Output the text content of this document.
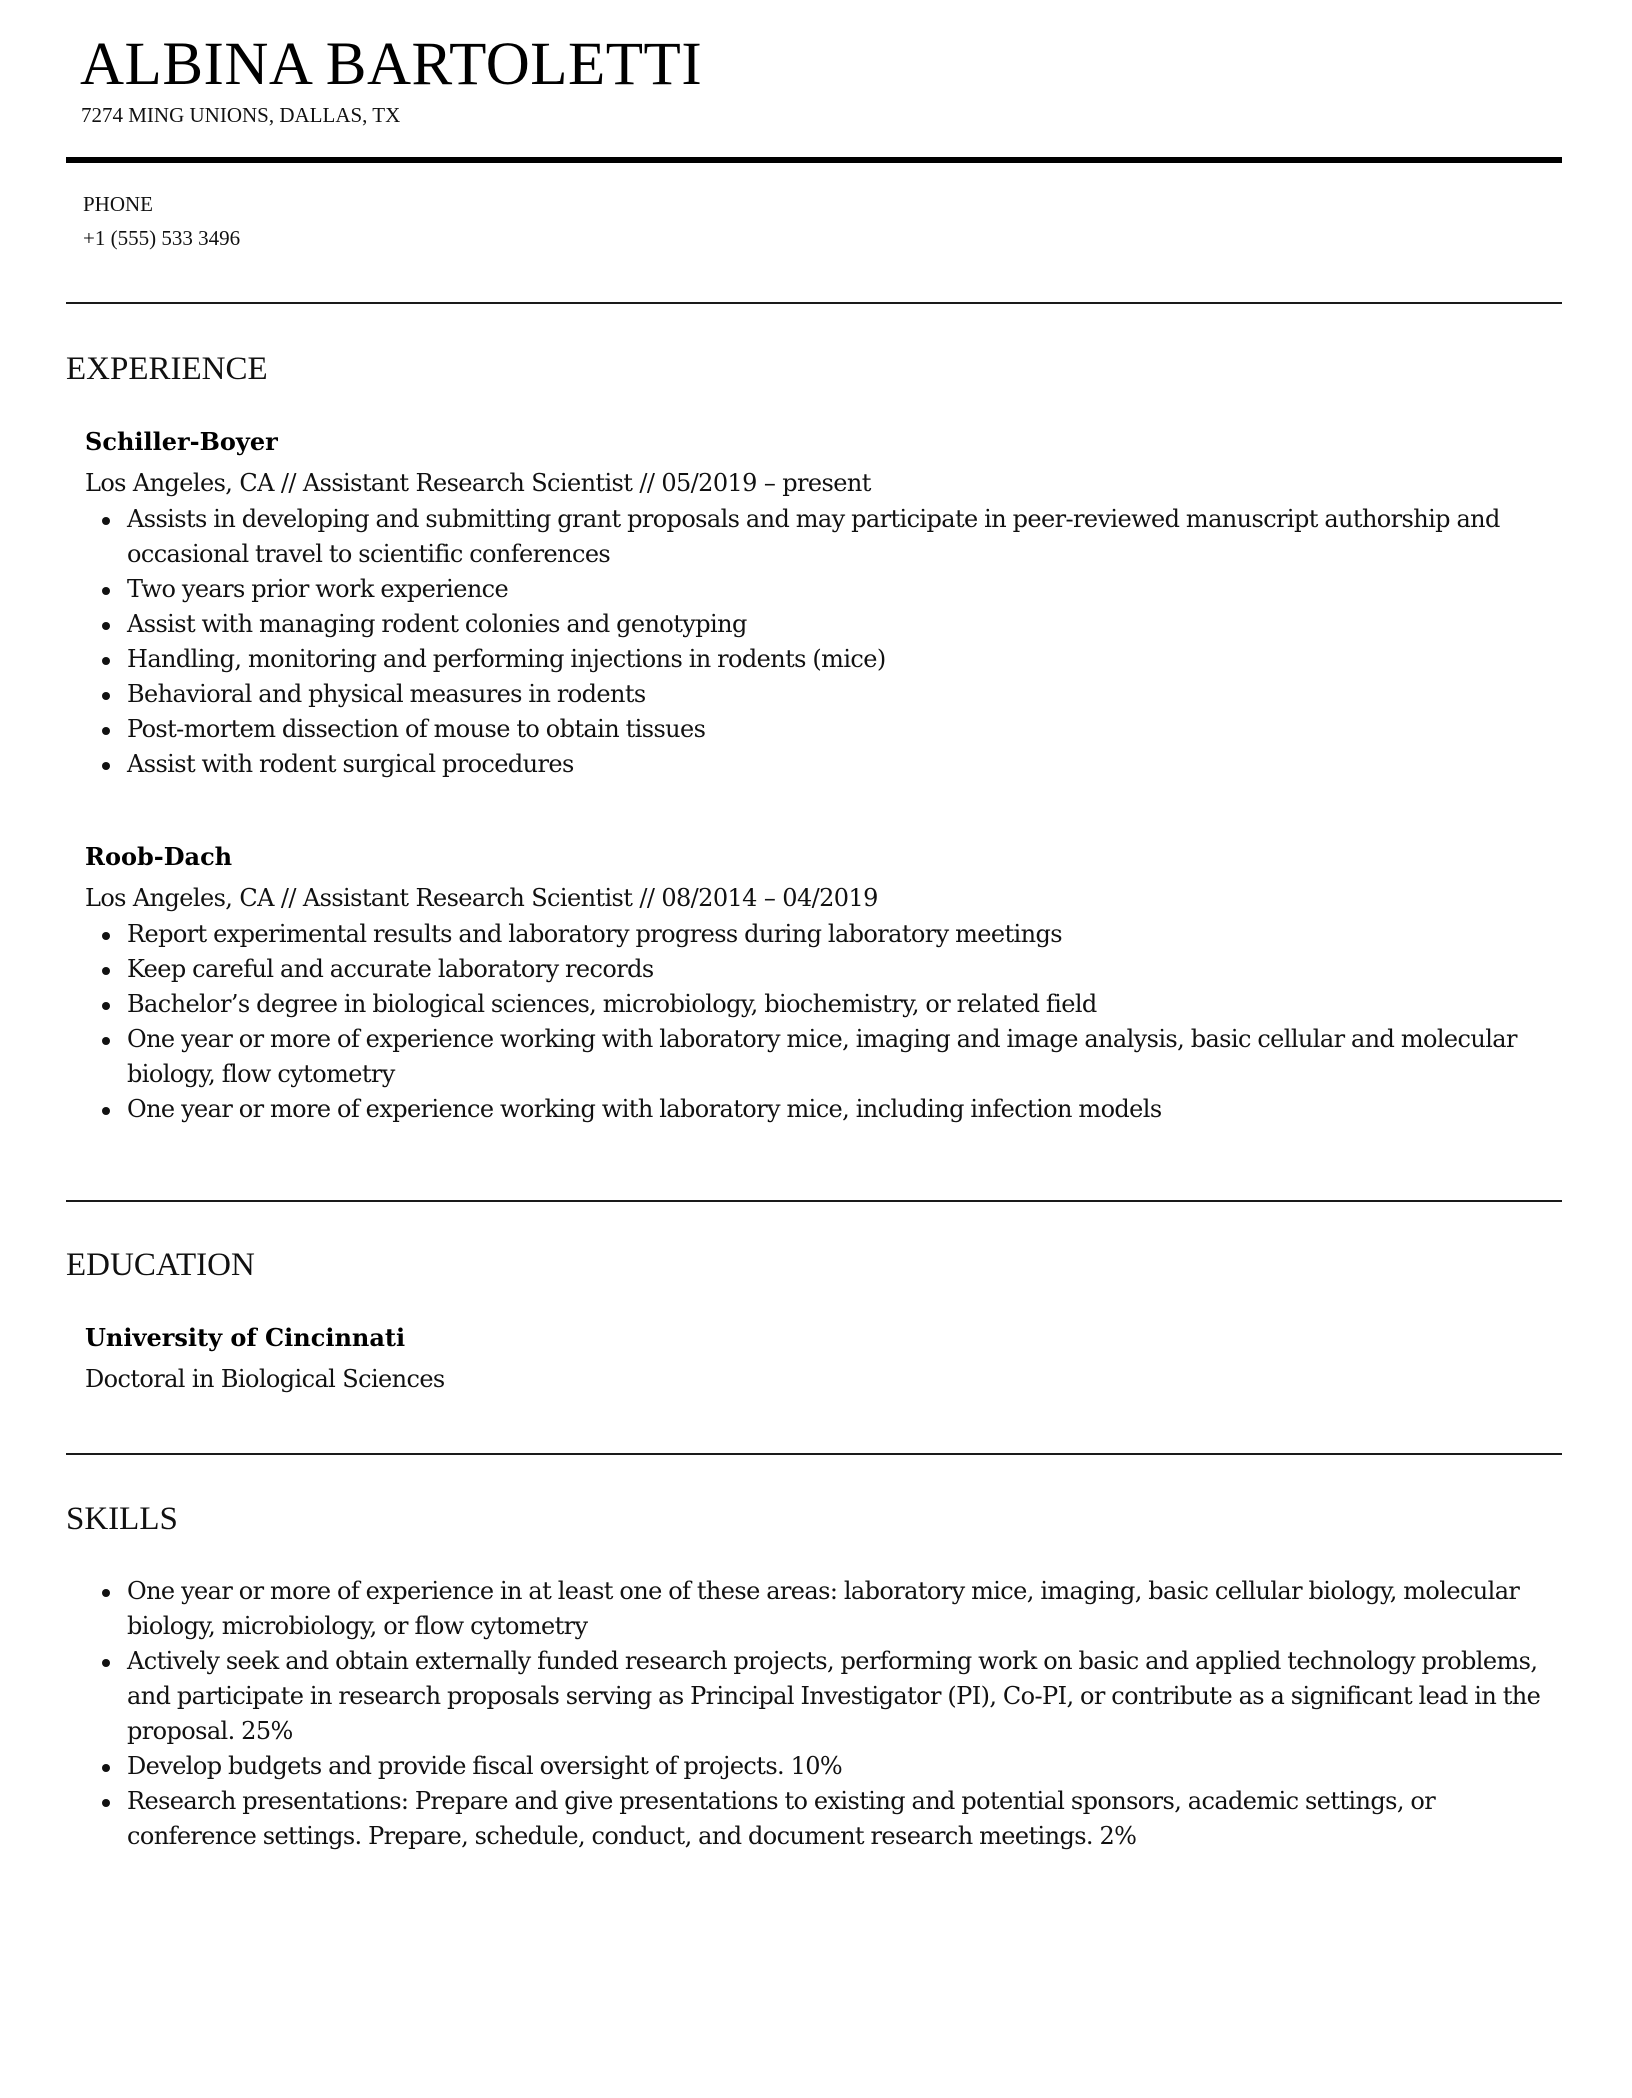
ALBINA BARTOLETTI
7274 MING UNIONS, DALLAS, TX
PHONE
+1 (555) 533 3496
EXPERIENCE
Schiller-Boyer
Los Angeles, CA // Assistant Research Scientist // 05/2019 – present
Assists in developing and submitting grant proposals and may participate in peer-reviewed manuscript authorship and occasional travel to scientific conferences
Two years prior work experience
Assist with managing rodent colonies and genotyping
Handling, monitoring and performing injections in rodents (mice)
Behavioral and physical measures in rodents
Post-mortem dissection of mouse to obtain tissues
Assist with rodent surgical procedures
Roob-Dach
Los Angeles, CA // Assistant Research Scientist // 08/2014 – 04/2019
Report experimental results and laboratory progress during laboratory meetings
Keep careful and accurate laboratory records
Bachelor’s degree in biological sciences, microbiology, biochemistry, or related field
One year or more of experience working with laboratory mice, imaging and image analysis, basic cellular and molecular biology, flow cytometry
One year or more of experience working with laboratory mice, including infection models
EDUCATION
University of Cincinnati
Doctoral in Biological Sciences
SKILLS
One year or more of experience in at least one of these areas: laboratory mice, imaging, basic cellular biology, molecular biology, microbiology, or flow cytometry
Actively seek and obtain externally funded research projects, performing work on basic and applied technology problems, and participate in research proposals serving as Principal Investigator (PI), Co-PI, or contribute as a significant lead in the proposal. 25%
Develop budgets and provide fiscal oversight of projects. 10%
Research presentations: Prepare and give presentations to existing and potential sponsors, academic settings, or conference settings. Prepare, schedule, conduct, and document research meetings. 2%
